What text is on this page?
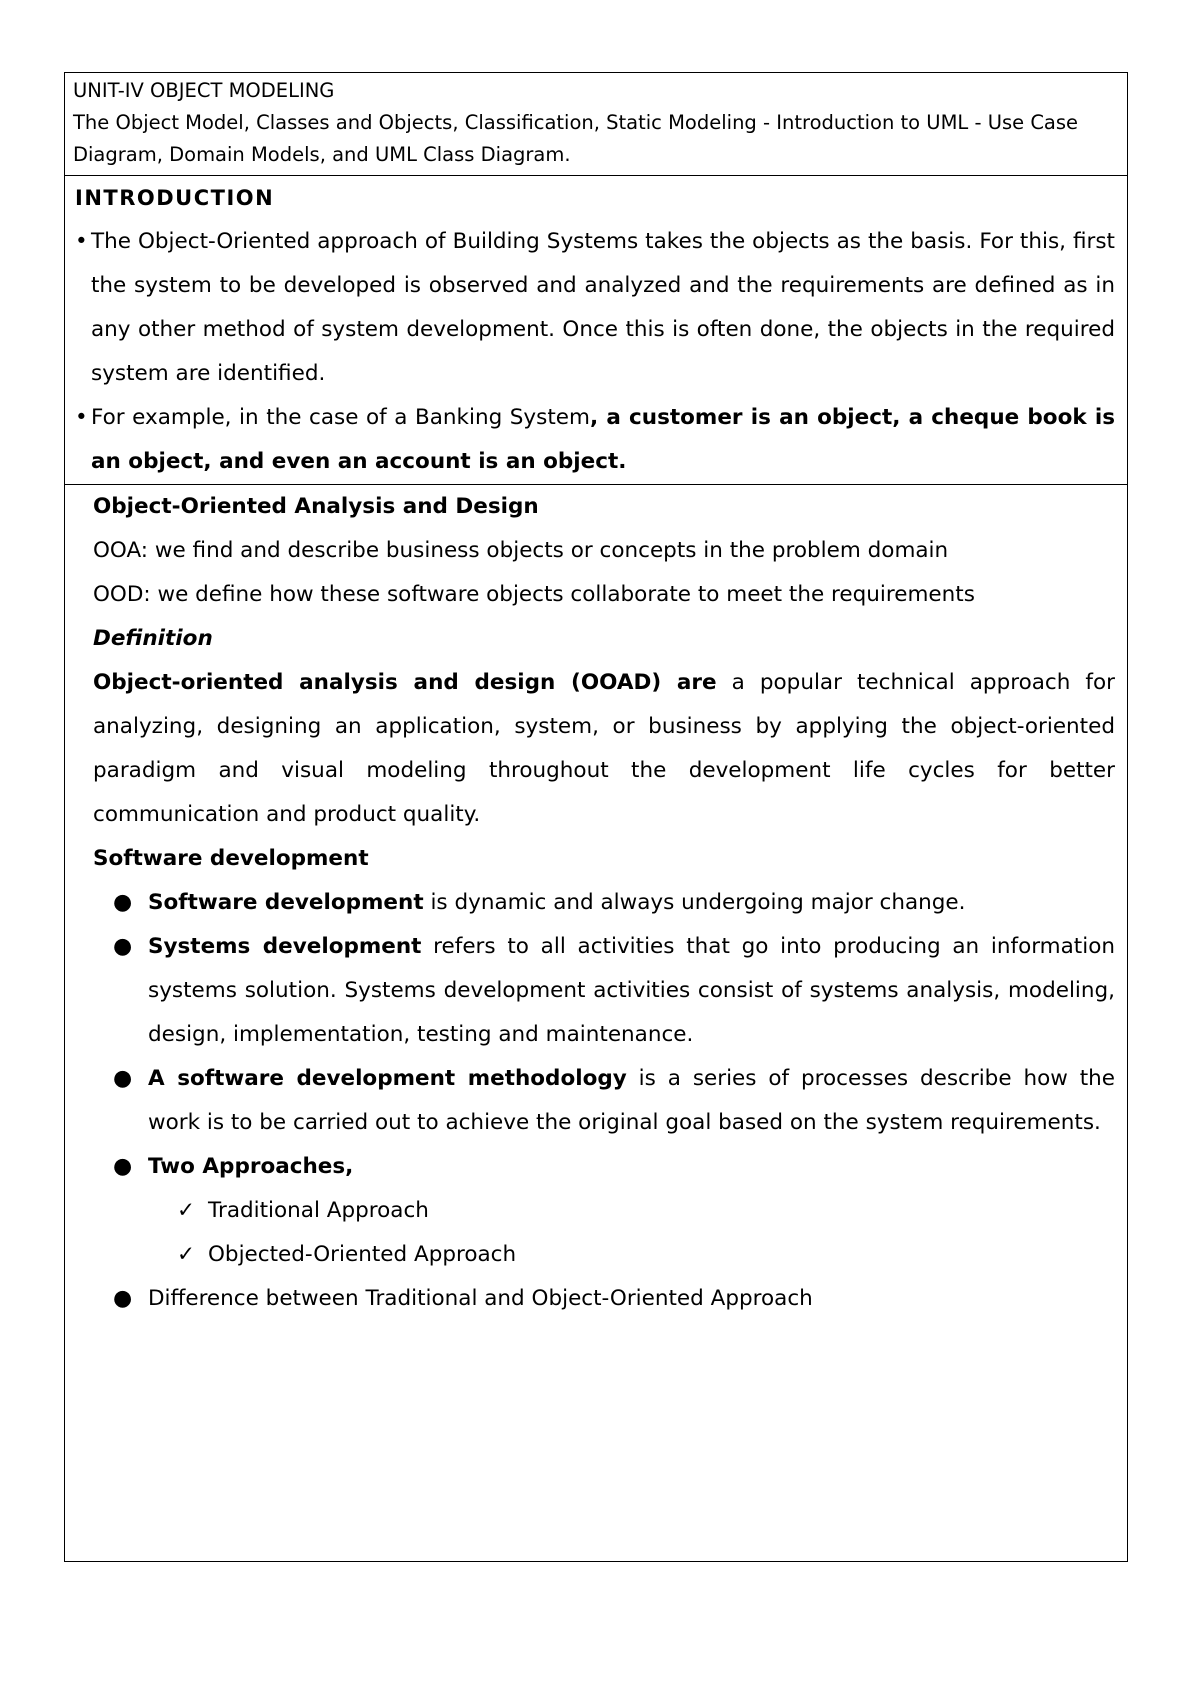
UNIT-IV OBJECT MODELING
The Object Model, Classes and Objects, Classification, Static Modeling - Introduction to UML - Use Case Diagram, Domain Models, and UML Class Diagram.
INTRODUCTION
• The Object-Oriented approach of Building Systems takes the objects as the basis. For this, first the system to be developed is observed and analyzed and the requirements are defined as in any other method of system development. Once this is often done, the objects in the required system are identified.
• For example, in the case of a Banking System, a customer is an object, a cheque book is an object, and even an account is an object.
Object-Oriented Analysis and Design
OOA: we find and describe business objects or concepts in the problem domain
OOD: we define how these software objects collaborate to meet the requirements
Definition
Object-oriented analysis and design (OOAD) are a popular technical approach for analyzing, designing an application, system, or business by applying the object-oriented paradigm and visual modeling throughout the development life cycles for better communication and product quality.
Software development
● Software development is dynamic and always undergoing major change.
● Systems development refers to all activities that go into producing an information systems solution. Systems development activities consist of systems analysis, modeling, design, implementation, testing and maintenance.
● A software development methodology is a series of processes describe how the work is to be carried out to achieve the original goal based on the system requirements.
● Two Approaches,
✓ Traditional Approach
✓ Objected-Oriented Approach
● Difference between Traditional and Object-Oriented Approach
